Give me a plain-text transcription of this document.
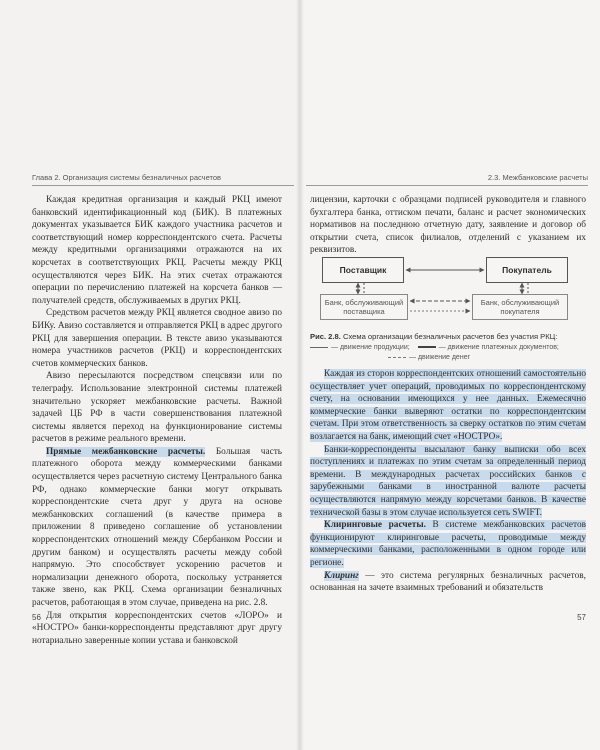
Глава 2. Организация системы безналичных расчетов

Каждая кредитная организация и каждый РКЦ имеют банковский идентификационный код (БИК). В платежных документах указывается БИК каждого участника расчетов и соответствующий номер корреспондентского счета. Расчеты между кредитными организациями отражаются на их корсчетах в соответствующих РКЦ. Расчеты между РКЦ осуществляются через БИК. На этих счетах отражаются операции по перечислению платежей на корсчета банков — получателей средств, обслуживаемых в других РКЦ.

Средством расчетов между РКЦ является сводное авизо по БИКу. Авизо составляется и отправляется РКЦ в адрес другого РКЦ для завершения операции. В тексте авизо указываются номера участников расчетов (РКЦ) и корреспондентских счетов коммерческих банков.

Авизо пересылаются посредством спецсвязи или по телеграфу. Использование электронной системы платежей значительно ускоряет межбанковские расчеты. Важной задачей ЦБ РФ в части совершенствования платежной системы является переход на функционирование системы расчетов в режиме реального времени.

Прямые межбанковские расчеты. Большая часть платежного оборота между коммерческими банками осуществляется через расчетную систему Центрального банка РФ, однако коммерческие банки могут открывать корреспондентские счета друг у друга на основе межбанковских соглашений (в качестве примера в приложении 8 приведено соглашение об установлении корреспондентских отношений между Сбербанком России и другим банком) и осуществлять расчеты между собой напрямую. Это способствует ускорению расчетов и нормализации денежного оборота, поскольку устраняется также звено, как РКЦ. Схема организации безналичных расчетов, работающая в этом случае, приведена на рис. 2.8.

Для открытия корреспондентских счетов «ЛОРО» и «НОСТРО» банки-корреспонденты представляют друг другу нотариально заверенные копии устава и банковской

56
2.3. Межбанковские расчеты

лицензии, карточки с образцами подписей руководителя и главного бухгалтера банка, оттиском печати, баланс и расчет экономических нормативов на последнюю отчетную дату, заявление и договор об открытии счета, список филиалов, отделений с указанием их реквизитов.

Поставщик	Покупатель
Банк, обслуживающий поставщика
Банк, обслуживающий покупателя
Рис. 2.8. Схема организации безналичных расчетов без участия РКЦ:
— движение продукции;	— движение платежных документов;
— движение денег

Каждая из сторон корреспондентских отношений самостоятельно осуществляет учет операций, проводимых по корреспондентскому счету, на основании имеющихся у нее данных. Ежемесячно коммерческие банки выверяют остатки по корреспондентским счетам. При этом ответственность за сверку остатков по этим счетам возлагается на банк, имеющий счет «НОСТРО».

Банки-корреспонденты высылают банку выписки обо всех поступлениях и платежах по этим счетам за определенный период времени. В международных расчетах российских банков с зарубежными банками в иностранной валюте расчеты осуществляются напрямую между корсчетами банков. В качестве технической базы в этом случае используется сеть SWIFT.

Клиринговые расчеты. В системе межбанковских расчетов функционируют клиринговые расчеты, проводимые между коммерческими банками, расположенными в одном городе или регионе.

Клиринг — это система регулярных безналичных расчетов, основанная на зачете взаимных требований и обязательств

57
